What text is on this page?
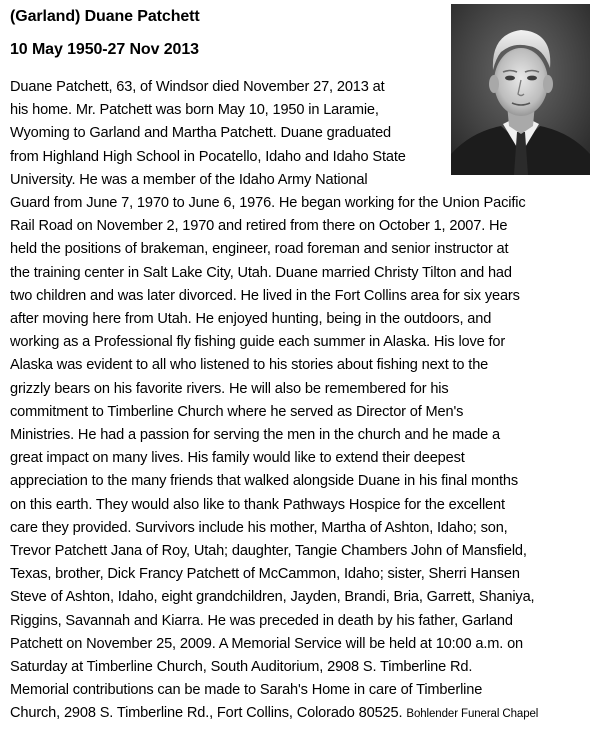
(Garland) Duane Patchett
10 May 1950-27 Nov 2013
Duane Patchett, 63, of Windsor died November 27, 2013 at
his home. Mr. Patchett was born May 10, 1950 in Laramie,
Wyoming to Garland and Martha Patchett. Duane graduated
from Highland High School in Pocatello, Idaho and Idaho State
University. He was a member of the Idaho Army National
Guard from June 7, 1970 to June 6, 1976. He began working for the Union Pacific
Rail Road on November 2, 1970 and retired from there on October 1, 2007. He
held the positions of brakeman, engineer, road foreman and senior instructor at
the training center in Salt Lake City, Utah. Duane married Christy Tilton and had
two children and was later divorced. He lived in the Fort Collins area for six years
after moving here from Utah. He enjoyed hunting, being in the outdoors, and
working as a Professional fly fishing guide each summer in Alaska. His love for
Alaska was evident to all who listened to his stories about fishing next to the
grizzly bears on his favorite rivers. He will also be remembered for his
commitment to Timberline Church where he served as Director of Men's
Ministries. He had a passion for serving the men in the church and he made a
great impact on many lives. His family would like to extend their deepest
appreciation to the many friends that walked alongside Duane in his final months
on this earth. They would also like to thank Pathways Hospice for the excellent
care they provided. Survivors include his mother, Martha of Ashton, Idaho; son,
Trevor Patchett Jana of Roy, Utah; daughter, Tangie Chambers John of Mansfield,
Texas, brother, Dick Francy Patchett of McCammon, Idaho; sister, Sherri Hansen
Steve of Ashton, Idaho, eight grandchildren, Jayden, Brandi, Bria, Garrett, Shaniya,
Riggins, Savannah and Kiarra. He was preceded in death by his father, Garland
Patchett on November 25, 2009. A Memorial Service will be held at 10:00 a.m. on
Saturday at Timberline Church, South Auditorium, 2908 S. Timberline Rd.
Memorial contributions can be made to Sarah's Home in care of Timberline
Church, 2908 S. Timberline Rd., Fort Collins, Colorado 80525. Bohlender Funeral Chapel
